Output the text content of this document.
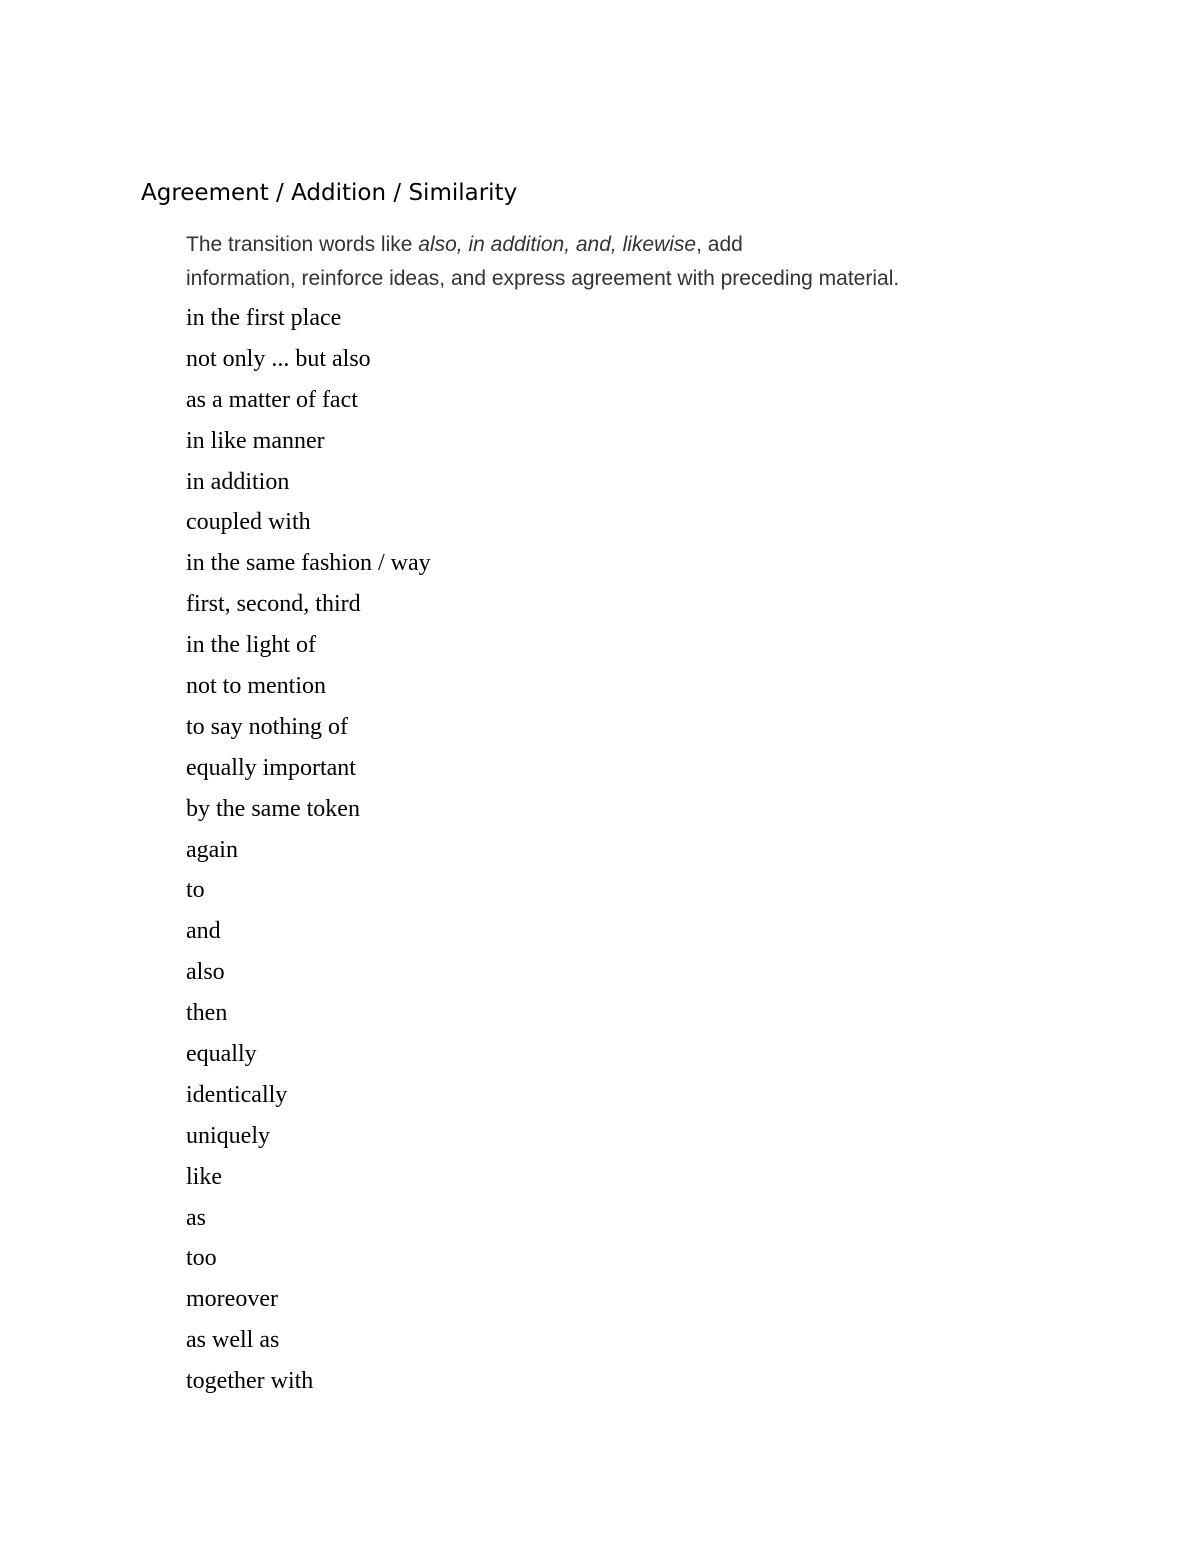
Agreement / Addition / Similarity

The transition words like also, in addition, and, likewise, add
information, reinforce ideas, and express agreement with preceding material.

in the first place
not only ... but also
as a matter of fact
in like manner
in addition
coupled with
in the same fashion / way
first, second, third
in the light of
not to mention
to say nothing of
equally important
by the same token
again
to
and
also
then
equally
identically
uniquely
like
as
too
moreover
as well as
together with
